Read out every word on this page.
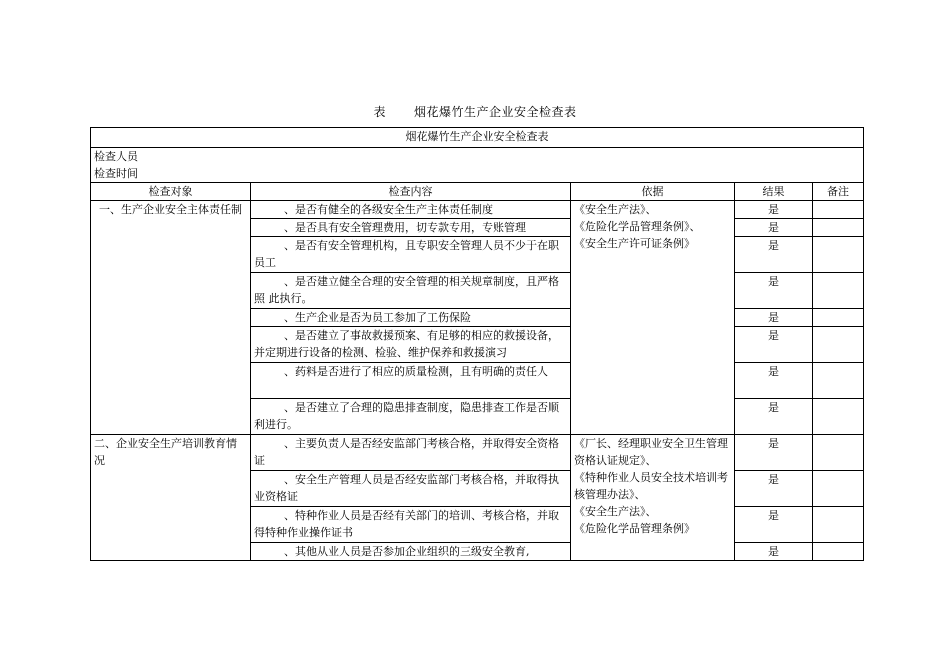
表 烟花爆竹生产企业安全检查表
烟花爆竹生产企业安全检查表				

检查人员
检查时间				

检查对象	检查内容	依据	结果	备注
一、生产企业安全主体责任制	、是否有健全的各级安全生产主体责任制度	《安全生产法》、
《危险化学品管理条例》、
《安全生产许可证条例》	是	
	、是否具有安全管理费用，切专款专用，专账管理		是	
	、是否有安全管理机构，且专职安全管理人员不少于在职员工		是	
	、是否建立健全合理的安全管理的相关规章制度，且严格照 此执行。		是	
	、生产企业是否为员工参加了工伤保险		是	
	、是否建立了事故救援预案、有足够的相应的救援设备，并定期进行设备的检测、检验、维护保养和救援演习		是	
	、药料是否进行了相应的质量检测，且有明确的责任人		是	
	、是否建立了合理的隐患排查制度，隐患排查工作是否顺利进行。		是	
二、企业安全生产培训教育情况	、主要负责人是否经安监部门考核合格，并取得安全资格证	《厂长、经理职业安全卫生管理资格认证规定》、
《特种作业人员安全技术培训考核管理办法》、
《安全生产法》、
《危险化学品管理条例》	是	
	、安全生产管理人员是否经安监部门考核合格，并取得执业资格证		是	
	、特种作业人员是否经有关部门的培训、考核合格，并取得特种作业操作证书		是	
	、其他从业人员是否参加企业组织的三级安全教育,		是	
